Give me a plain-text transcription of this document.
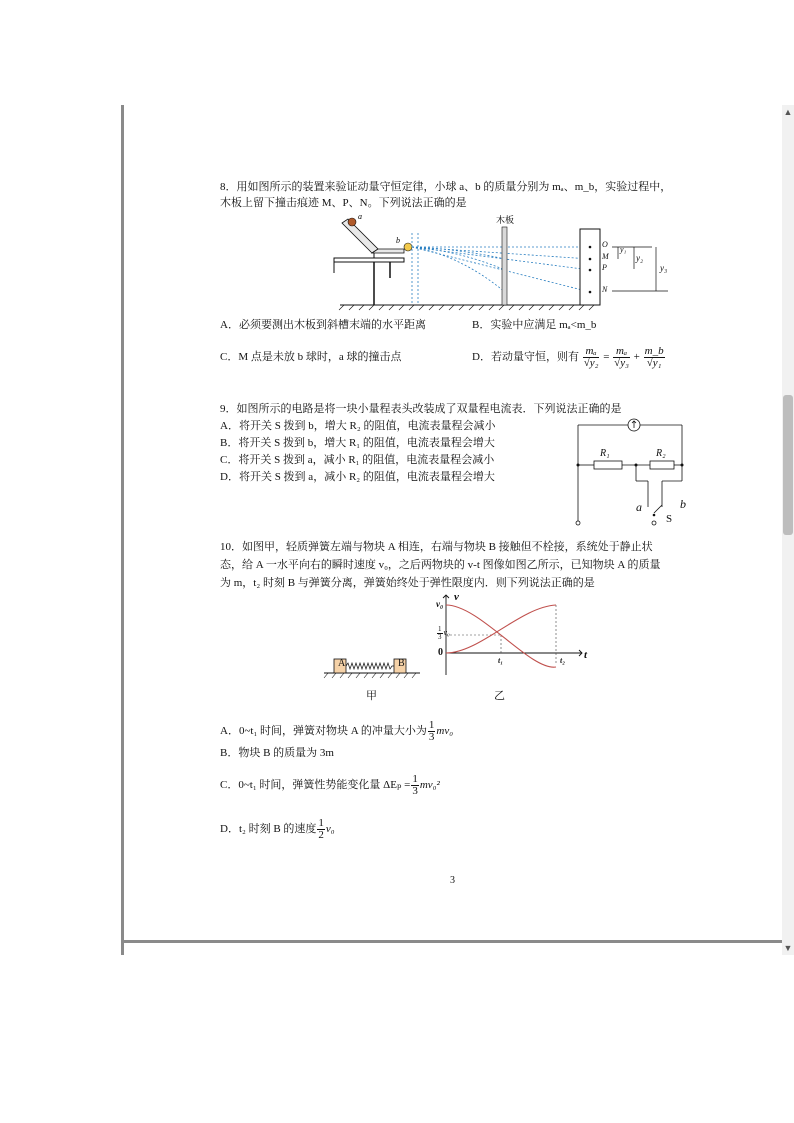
▲
▼
8．用如图所示的装置来验证动量守恒定律，小球 a、b 的质量分别为 mₐ、m_b，实验过程中，
木板上留下撞击痕迹 M、P、N。下列说法正确的是
a
b
木板
O
M
P
N
y₁
y₂
y₃
A．必须要测出木板到斜槽末端的水平距离	B．实验中应满足 mₐ<m_b
C．M 点是未放 b 球时，a 球的撞击点	D．若动量守恒，则有 $\frac{\text{mₐ}}{\text{√y₂}} = \frac{\text{mₐ}}{\text{√y₃}} + \frac{m\_b}{\text{√y₁}}$
9．如图所示的电路是将一块小量程表头改装成了双量程电流表．下列说法正确的是
A．将开关 S 拨到 b，增大 R₂ 的阻值，电流表量程会减小
B．将开关 S 拨到 b，增大 R₁ 的阻值，电流表量程会增大
C．将开关 S 拨到 a，减小 R₁ 的阻值，电流表量程会减小
D．将开关 S 拨到 a，减小 R₂ 的阻值，电流表量程会增大
R₁	R₂
a	b
S
10．如图甲，轻质弹簧左端与物块 A 相连，右端与物块 B 接触但不栓接，系统处于静止状
态，给 A 一水平向右的瞬时速度 v₀，之后两物块的 v-t 图像如图乙所示，已知物块 A 的质量
为 m，t₂ 时刻 B 与弹簧分离，弹簧始终处于弹性限度内．则下列说法正确的是
A	B
甲
v
t
v₀
$\frac{1}{3} v_0$
0
t₁	t₂
乙
A．0~t₁ 时间，弹簧对物块 A 的冲量大小为 $\frac{1}{3} mv_0$
B．物块 B 的质量为 3m
C．0~t₁ 时间，弹簧性势能变化量 $\Delta E_p = \frac{1}{3} mv_0^2$
D．t₂ 时刻 B 的速度 $\frac{1}{2} v_0$
3
